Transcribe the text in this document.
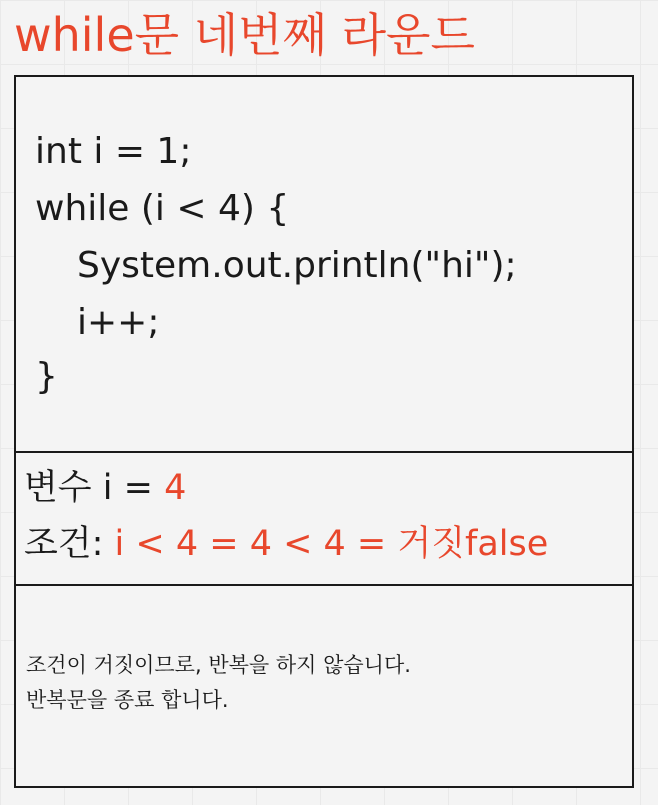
while문 네번째 라운드
int i = 1;
while (i < 4) {
System.out.println("hi");
i++;
}
변수 i = 4
조건: i < 4 = 4 < 4 = 거짓false
조건이 거짓이므로, 반복을 하지 않습니다.
반복문을 종료 합니다.
